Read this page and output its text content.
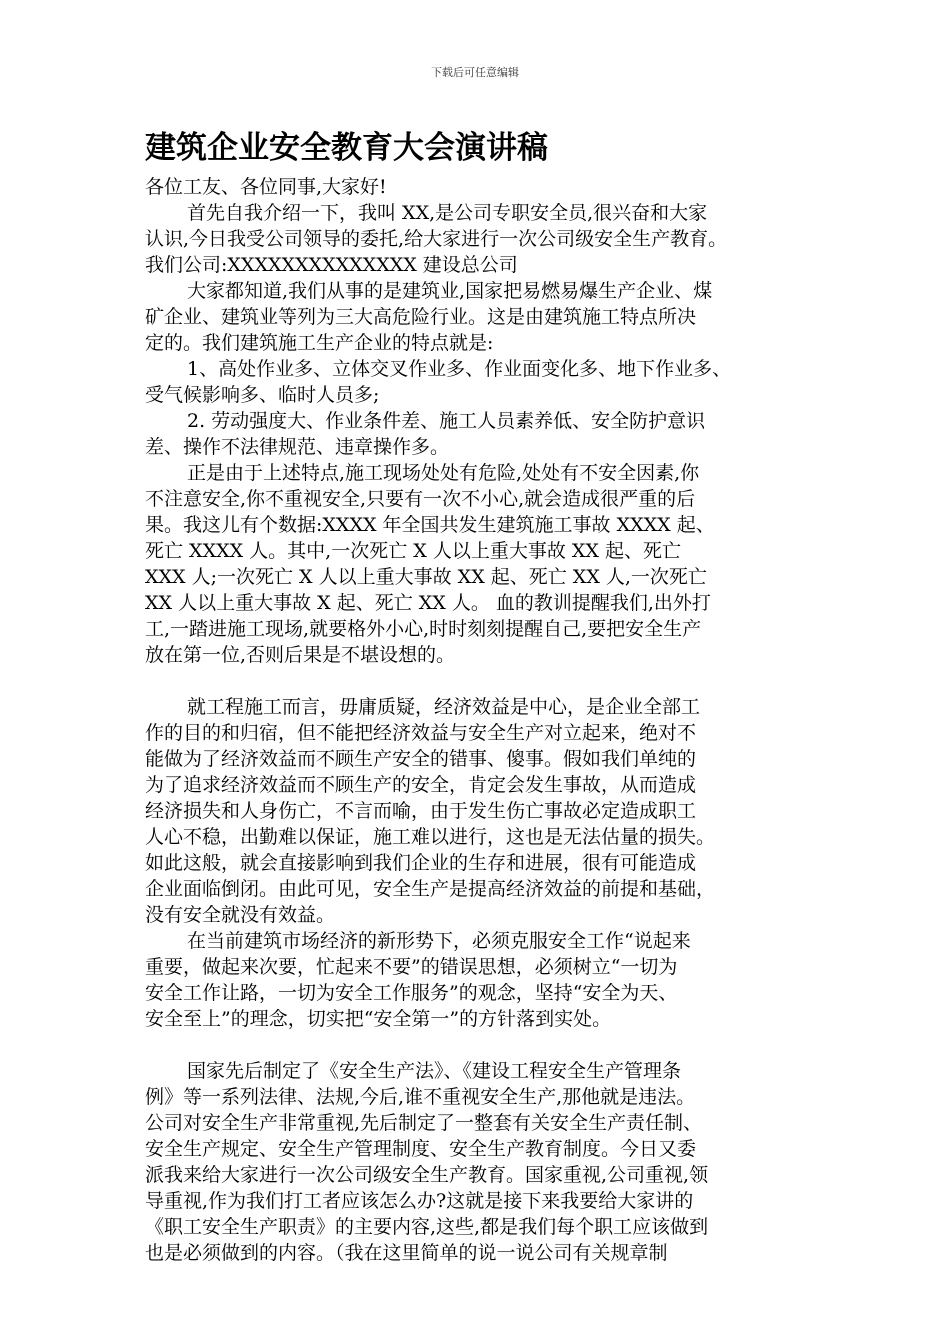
下载后可任意编辑
建筑企业安全教育大会演讲稿

各位工友、各位同事,大家好!

首先自我介绍一下，我叫 XX,是公司专职安全员,很兴奋和大家

认识,今日我受公司领导的委托,给大家进行一次公司级安全生产教育。

我们公司:XXXXXXXXXXXXXX 建设总公司

大家都知道,我们从事的是建筑业,国家把易燃易爆生产企业、煤

矿企业、建筑业等列为三大高危险行业。这是由建筑施工特点所决

定的。我们建筑施工生产企业的特点就是:

1、高处作业多、立体交叉作业多、作业面变化多、地下作业多、

受气候影响多、临时人员多;

2. 劳动强度大、作业条件差、施工人员素养低、安全防护意识

差、操作不法律规范、违章操作多。

正是由于上述特点,施工现场处处有危险,处处有不安全因素,你

不注意安全,你不重视安全,只要有一次不小心,就会造成很严重的后

果。我这儿有个数据:XXXX 年全国共发生建筑施工事故 XXXX 起、

死亡 XXXX 人。其中,一次死亡 X 人以上重大事故 XX 起、死亡

XXX 人;一次死亡 X 人以上重大事故 XX 起、死亡 XX 人,一次死亡

XX 人以上重大事故 X 起、死亡 XX 人。 血的教训提醒我们,出外打

工,一踏进施工现场,就要格外小心,时时刻刻提醒自己,要把安全生产

放在第一位,否则后果是不堪设想的。

就工程施工而言，毋庸质疑，经济效益是中心，是企业全部工

作的目的和归宿，但不能把经济效益与安全生产对立起来，绝对不

能做为了经济效益而不顾生产安全的错事、傻事。假如我们单纯的

为了追求经济效益而不顾生产的安全，肯定会发生事故，从而造成

经济损失和人身伤亡，不言而喻，由于发生伤亡事故必定造成职工

人心不稳，出勤难以保证，施工难以进行，这也是无法估量的损失。

如此这般，就会直接影响到我们企业的生存和进展，很有可能造成

企业面临倒闭。由此可见，安全生产是提高经济效益的前提和基础，

没有安全就没有效益。

在当前建筑市场经济的新形势下，必须克服安全工作“说起来

重要，做起来次要，忙起来不要”的错误思想，必须树立“一切为

安全工作让路，一切为安全工作服务”的观念，坚持“安全为天、

安全至上”的理念，切实把“安全第一”的方针落到实处。

国家先后制定了《安全生产法》、《建设工程安全生产管理条

例》等一系列法律、法规,今后,谁不重视安全生产,那他就是违法。

公司对安全生产非常重视,先后制定了一整套有关安全生产责任制、

安全生产规定、安全生产管理制度、安全生产教育制度。今日又委

派我来给大家进行一次公司级安全生产教育。国家重视,公司重视,领

导重视,作为我们打工者应该怎么办?这就是接下来我要给大家讲的

《职工安全生产职责》的主要内容,这些,都是我们每个职工应该做到

也是必须做到的内容。（我在这里简单的说一说公司有关规章制
